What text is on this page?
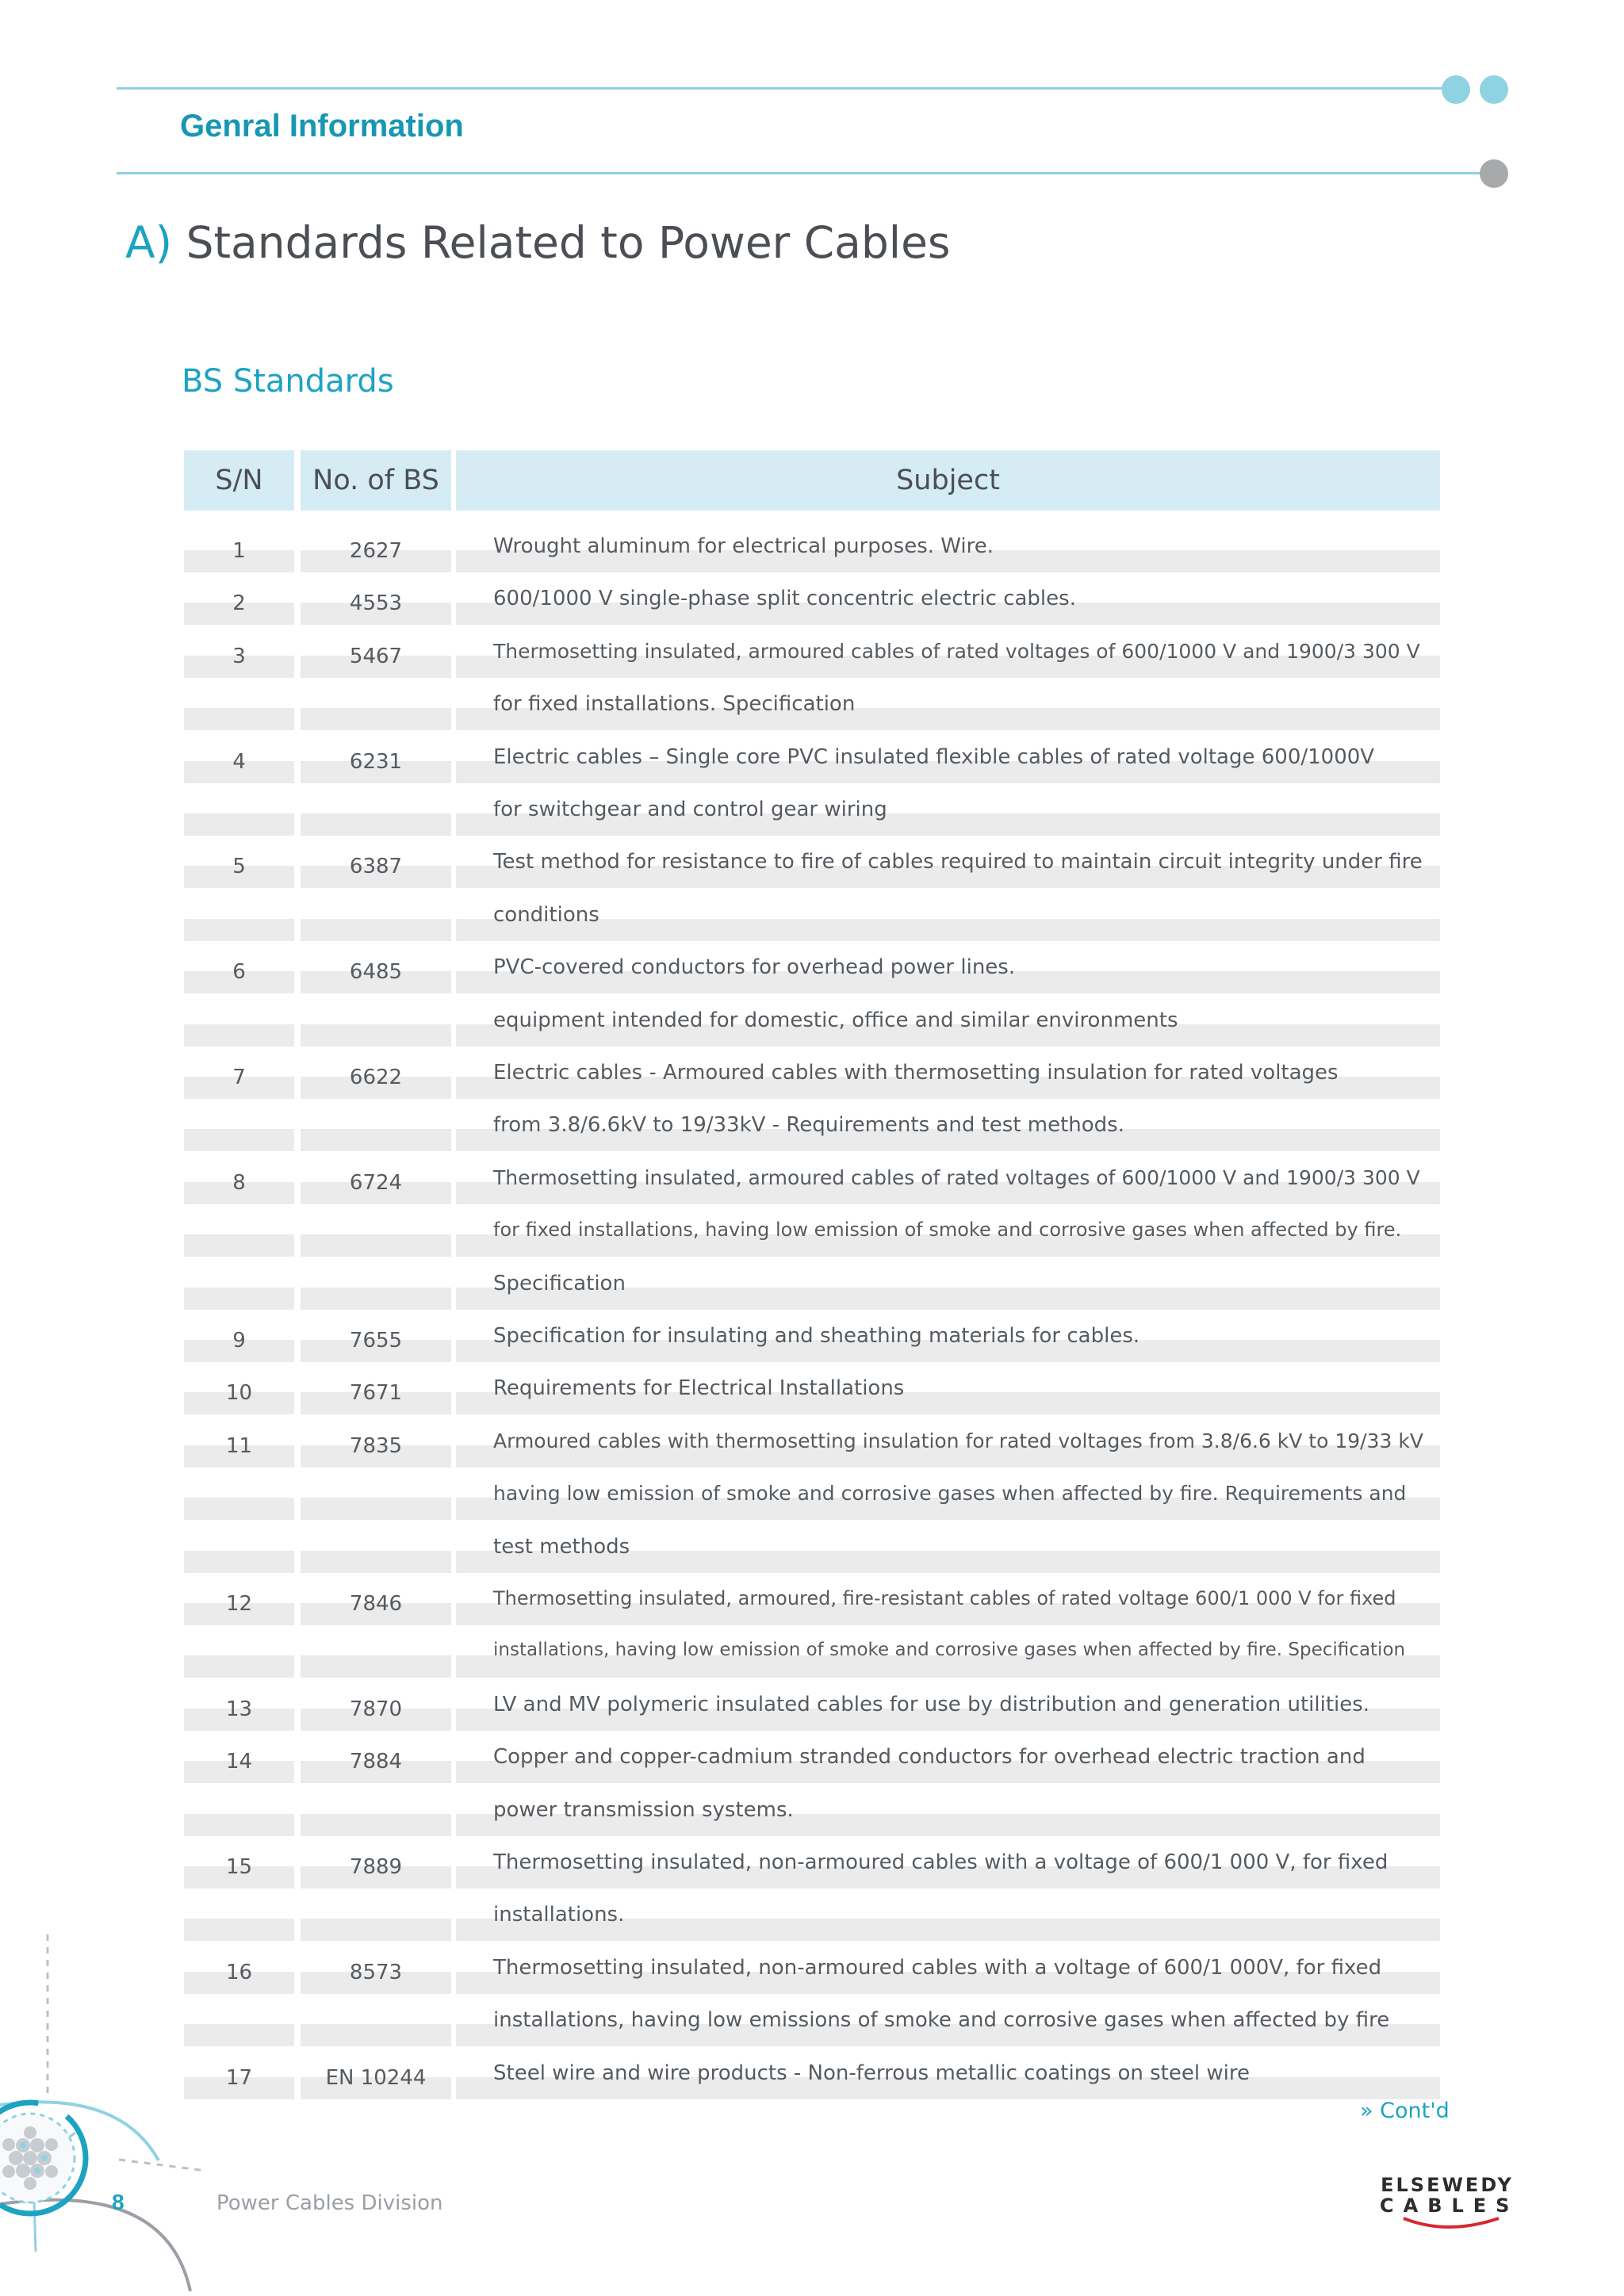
Genral Information
A) Standards Related to Power Cables
BS Standards
S/N	No. of BS	Subject
1	2627	Wrought aluminum for electrical purposes. Wire.
2	4553	600/1000 V single-phase split concentric electric cables.
3	5467	Thermosetting insulated, armoured cables of rated voltages of 600/1000 V and 1900/3 300 V
for fixed installations. Specification
4	6231	Electric cables – Single core PVC insulated flexible cables of rated voltage 600/1000V
for switchgear and control gear wiring
5	6387	Test method for resistance to fire of cables required to maintain circuit integrity under fire
conditions
6	6485	PVC-covered conductors for overhead power lines.
equipment intended for domestic, office and similar environments
7	6622	Electric cables - Armoured cables with thermosetting insulation for rated voltages
from 3.8/6.6kV to 19/33kV - Requirements and test methods.
8	6724	Thermosetting insulated, armoured cables of rated voltages of 600/1000 V and 1900/3 300 V
for fixed installations, having low emission of smoke and corrosive gases when affected by fire.
Specification
9	7655	Specification for insulating and sheathing materials for cables.
10	7671	Requirements for Electrical Installations
11	7835	Armoured cables with thermosetting insulation for rated voltages from 3.8/6.6 kV to 19/33 kV
having low emission of smoke and corrosive gases when affected by fire. Requirements and
test methods
12	7846	Thermosetting insulated, armoured, fire-resistant cables of rated voltage 600/1 000 V for fixed
installations, having low emission of smoke and corrosive gases when affected by fire. Specification
13	7870	LV and MV polymeric insulated cables for use by distribution and generation utilities.
14	7884	Copper and copper-cadmium stranded conductors for overhead electric traction and
power transmission systems.
15	7889	Thermosetting insulated, non-armoured cables with a voltage of 600/1 000 V, for fixed
installations.
16	8573	Thermosetting insulated, non-armoured cables with a voltage of 600/1 000V, for fixed
installations, having low emissions of smoke and corrosive gases when affected by fire
17	EN 10244	Steel wire and wire products - Non-ferrous metallic coatings on steel wire
» Cont'd
8	Power Cables Division
ELSEWEDY
CABLES
